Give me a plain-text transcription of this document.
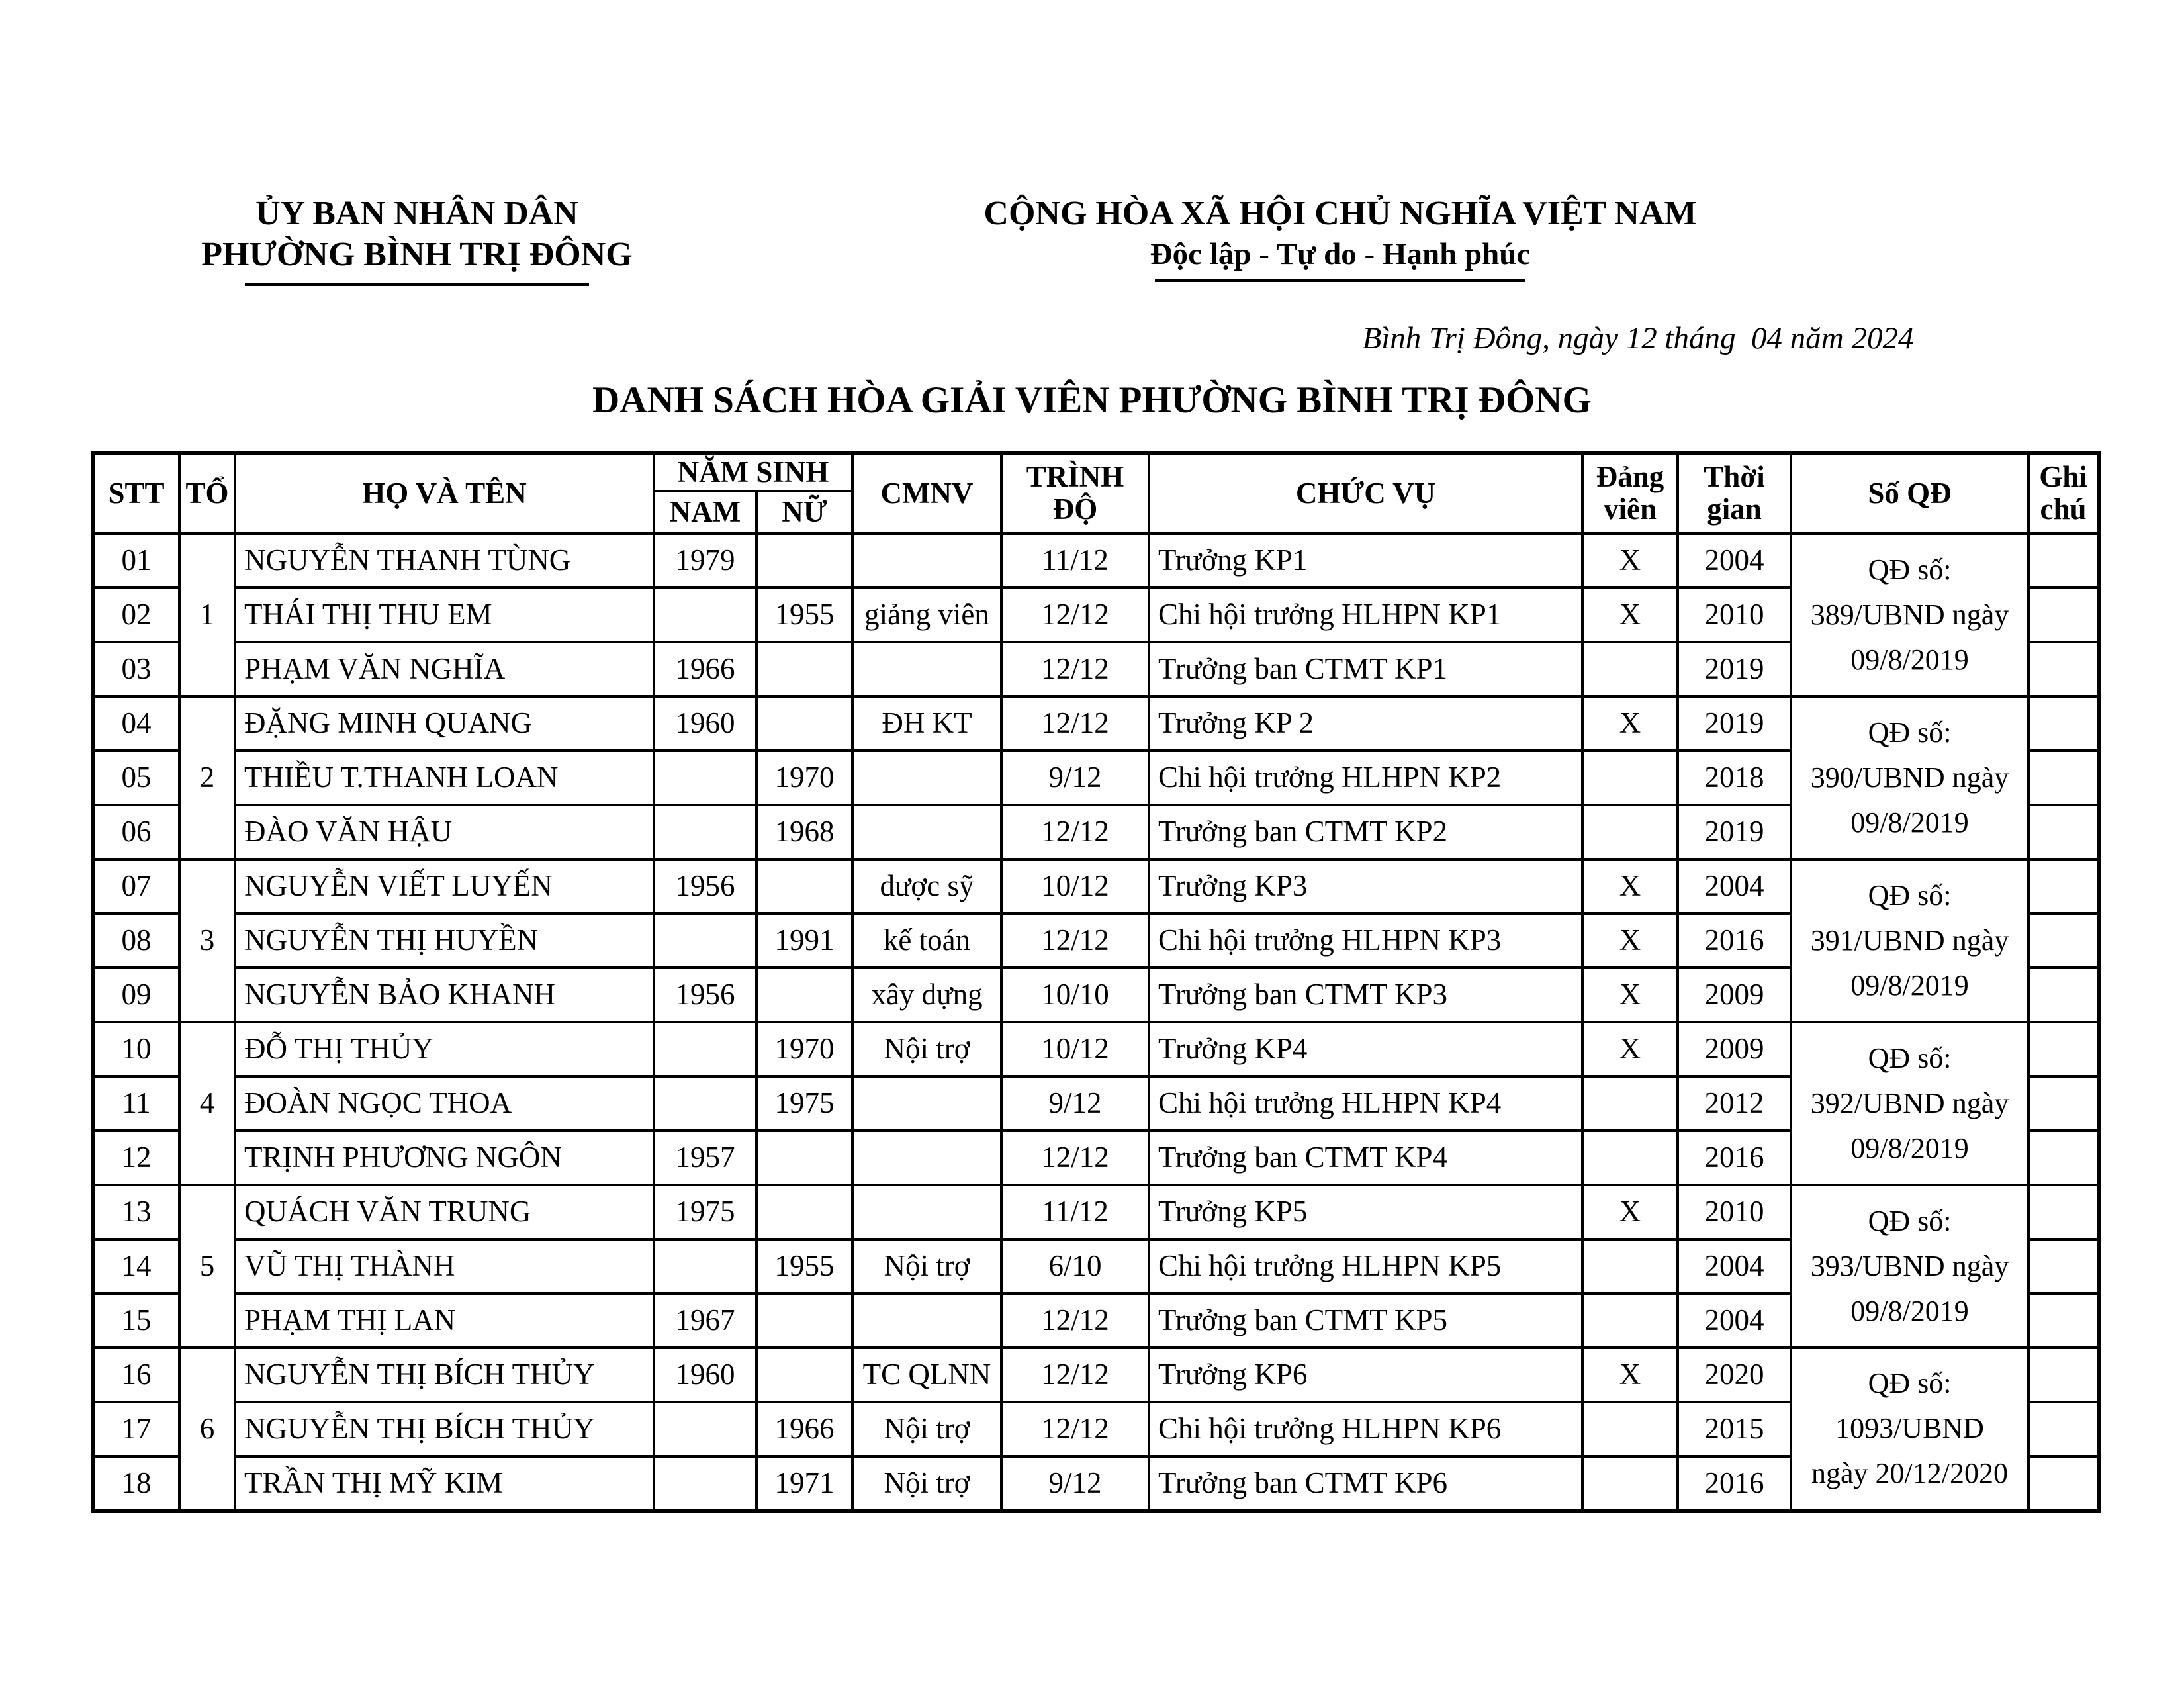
ỦY BAN NHÂN DÂN
PHƯỜNG BÌNH TRỊ ĐÔNG
CỘNG HÒA XÃ HỘI CHỦ NGHĨA VIỆT NAM
Độc lập - Tự do - Hạnh phúc
Bình Trị Đông, ngày 12 tháng  04 năm 2024
DANH SÁCH HÒA GIẢI VIÊN PHƯỜNG BÌNH TRỊ ĐÔNG
STT	TỔ	HỌ VÀ TÊN	NĂM SINH		CMNV	TRÌNH ĐỘ	CHỨC VỤ	Đảng viên	Thời gian	Số QĐ	Ghi chú
			NAM	NỮ							
01	1	NGUYỄN THANH TÙNG	1979			11/12	Trưởng KP1	X	2004	QĐ số:
389/UBND ngày
09/8/2019	

02		THÁI THỊ THU EM		1955	giảng viên	12/12	Chi hội trưởng HLHPN KP1	X	2010		
03		PHẠM VĂN NGHĨA	1966			12/12	Trưởng ban CTMT KP1		2019		
04	2	ĐẶNG MINH QUANG	1960		ĐH KT	12/12	Trưởng KP 2	X	2019	QĐ số:
390/UBND ngày
09/8/2019	

05		THIỀU T.THANH LOAN		1970		9/12	Chi hội trưởng HLHPN KP2		2018		
06		ĐÀO VĂN HẬU		1968		12/12	Trưởng ban CTMT KP2		2019		
07	3	NGUYỄN VIẾT LUYẾN	1956		dược sỹ	10/12	Trưởng KP3	X	2004	QĐ số:
391/UBND ngày
09/8/2019	

08		NGUYỄN THỊ HUYỀN		1991	kế toán	12/12	Chi hội trưởng HLHPN KP3	X	2016		
09		NGUYỄN BẢO KHANH	1956		xây dựng	10/10	Trưởng ban CTMT KP3	X	2009		
10	4	ĐỖ THỊ THỦY		1970	Nội trợ	10/12	Trưởng KP4	X	2009	QĐ số:
392/UBND ngày
09/8/2019	

11		ĐOÀN NGỌC THOA		1975		9/12	Chi hội trưởng HLHPN KP4		2012		
12		TRỊNH PHƯƠNG NGÔN	1957			12/12	Trưởng ban CTMT KP4		2016		
13	5	QUÁCH VĂN TRUNG	1975			11/12	Trưởng KP5	X	2010	QĐ số:
393/UBND ngày
09/8/2019	

14		VŨ THỊ THÀNH		1955	Nội trợ	6/10	Chi hội trưởng HLHPN KP5		2004		
15		PHẠM THỊ LAN	1967			12/12	Trưởng ban CTMT KP5		2004		
16	6	NGUYỄN THỊ BÍCH THỦY	1960		TC QLNN	12/12	Trưởng KP6	X	2020	QĐ số:
1093/UBND
ngày 20/12/2020	

17		NGUYỄN THỊ BÍCH THỦY		1966	Nội trợ	12/12	Chi hội trưởng HLHPN KP6		2015		
18		TRẦN THỊ MỸ KIM		1971	Nội trợ	9/12	Trưởng ban CTMT KP6		2016		
